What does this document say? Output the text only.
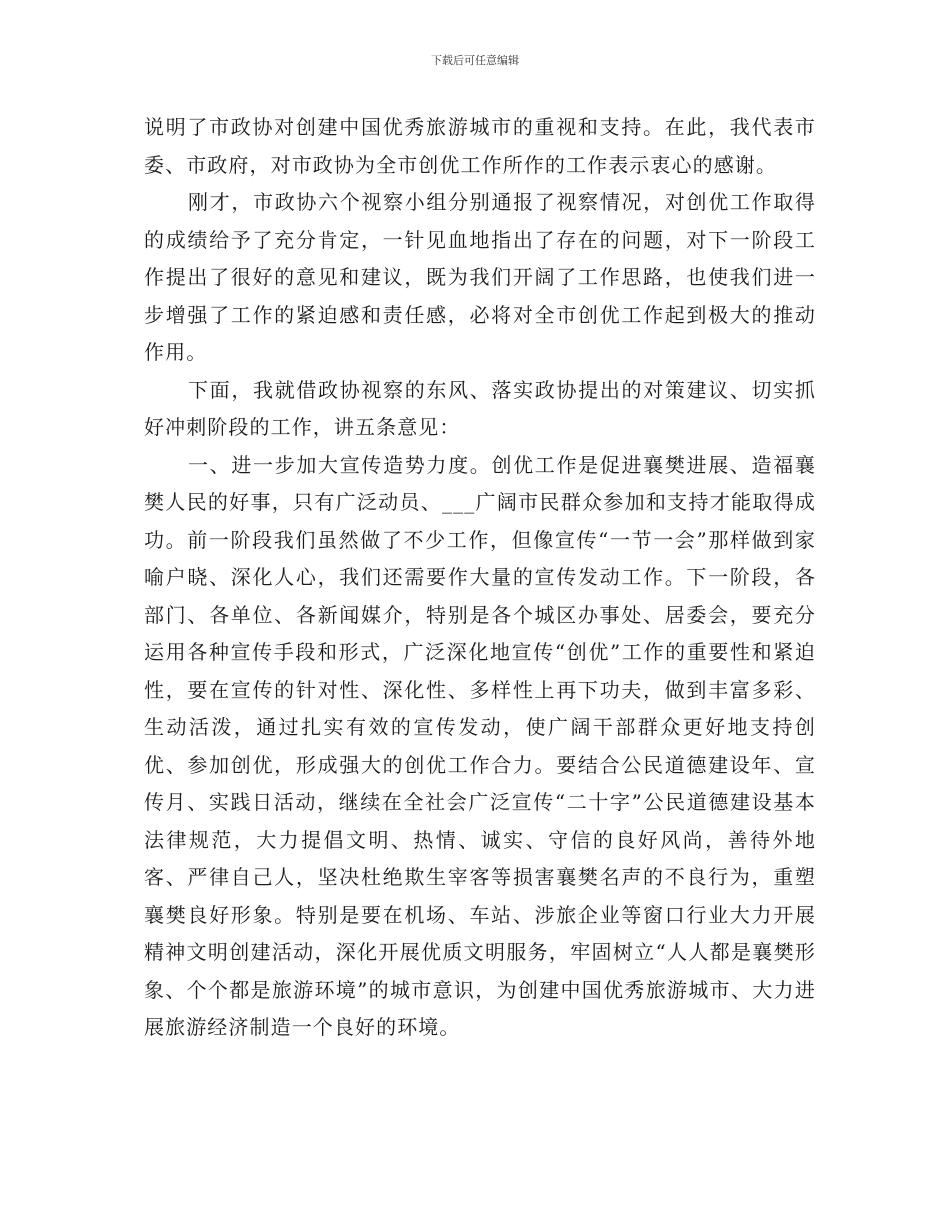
下载后可任意编辑

说明了市政协对创建中国优秀旅游城市的重视和支持。在此，我代表市委、市政府，对市政协为全市创优工作所作的工作表示衷心的感谢。

刚才，市政协六个视察小组分别通报了视察情况，对创优工作取得的成绩给予了充分肯定，一针见血地指出了存在的问题，对下一阶段工作提出了很好的意见和建议，既为我们开阔了工作思路，也使我们进一步增强了工作的紧迫感和责任感，必将对全市创优工作起到极大的推动作用。

下面，我就借政协视察的东风、落实政协提出的对策建议、切实抓好冲刺阶段的工作，讲五条意见：

一、进一步加大宣传造势力度。创优工作是促进襄樊进展、造福襄樊人民的好事，只有广泛动员、___广阔市民群众参加和支持才能取得成功。前一阶段我们虽然做了不少工作，但像宣传“一节一会”那样做到家喻户晓、深化人心，我们还需要作大量的宣传发动工作。下一阶段，各部门、各单位、各新闻媒介，特别是各个城区办事处、居委会，要充分运用各种宣传手段和形式，广泛深化地宣传“创优”工作的重要性和紧迫性，要在宣传的针对性、深化性、多样性上再下功夫，做到丰富多彩、生动活泼，通过扎实有效的宣传发动，使广阔干部群众更好地支持创优、参加创优，形成强大的创优工作合力。要结合公民道德建设年、宣传月、实践日活动，继续在全社会广泛宣传“二十字”公民道德建设基本法律规范，大力提倡文明、热情、诚实、守信的良好风尚，善待外地客、严律自己人，坚决杜绝欺生宰客等损害襄樊名声的不良行为，重塑襄樊良好形象。特别是要在机场、车站、涉旅企业等窗口行业大力开展精神文明创建活动，深化开展优质文明服务，牢固树立“人人都是襄樊形象、个个都是旅游环境”的城市意识，为创建中国优秀旅游城市、大力进展旅游经济制造一个良好的环境。
